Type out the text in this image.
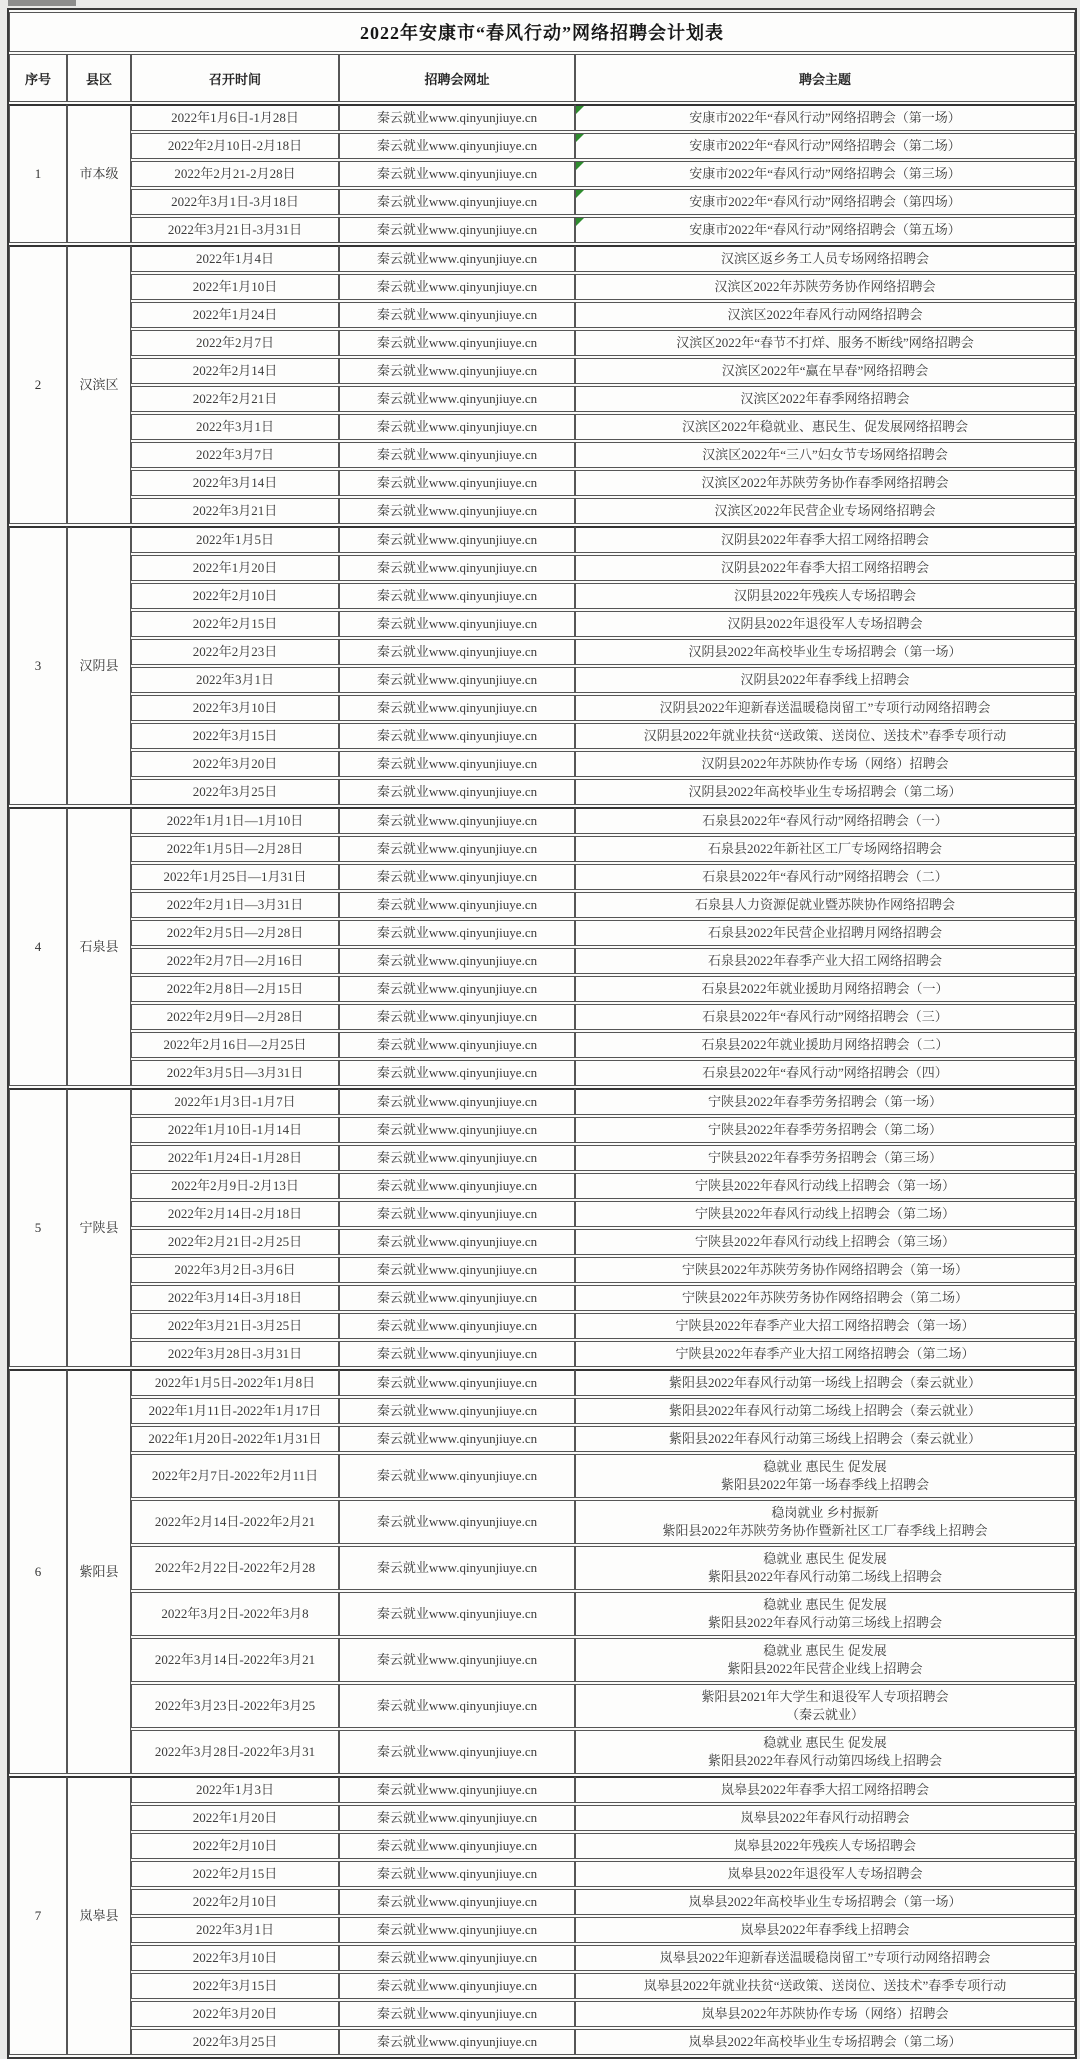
2022年安康市“春风行动”网络招聘会计划表				
序号	县区	召开时间	招聘会网址	聘会主题
1	市本级	2022年1月6日-1月28日	秦云就业www.qinyunjiuye.cn	安康市2022年“春风行动”网络招聘会（第一场）

		2022年2月10日-2月18日	秦云就业www.qinyunjiuye.cn	安康市2022年“春风行动”网络招聘会（第二场）

		2022年2月21-2月28日	秦云就业www.qinyunjiuye.cn	安康市2022年“春风行动”网络招聘会（第三场）

		2022年3月1日-3月18日	秦云就业www.qinyunjiuye.cn	安康市2022年“春风行动”网络招聘会（第四场）

		2022年3月21日-3月31日	秦云就业www.qinyunjiuye.cn	安康市2022年“春风行动”网络招聘会（第五场）

2	汉滨区	2022年1月4日	秦云就业www.qinyunjiuye.cn	汉滨区返乡务工人员专场网络招聘会

		2022年1月10日	秦云就业www.qinyunjiuye.cn	汉滨区2022年苏陕劳务协作网络招聘会

		2022年1月24日	秦云就业www.qinyunjiuye.cn	汉滨区2022年春风行动网络招聘会

		2022年2月7日	秦云就业www.qinyunjiuye.cn	汉滨区2022年“春节不打烊、服务不断线”网络招聘会

		2022年2月14日	秦云就业www.qinyunjiuye.cn	汉滨区2022年“赢在早春”网络招聘会

		2022年2月21日	秦云就业www.qinyunjiuye.cn	汉滨区2022年春季网络招聘会

		2022年3月1日	秦云就业www.qinyunjiuye.cn	汉滨区2022年稳就业、惠民生、促发展网络招聘会

		2022年3月7日	秦云就业www.qinyunjiuye.cn	汉滨区2022年“三八”妇女节专场网络招聘会

		2022年3月14日	秦云就业www.qinyunjiuye.cn	汉滨区2022年苏陕劳务协作春季网络招聘会

		2022年3月21日	秦云就业www.qinyunjiuye.cn	汉滨区2022年民营企业专场网络招聘会

3	汉阴县	2022年1月5日	秦云就业www.qinyunjiuye.cn	汉阴县2022年春季大招工网络招聘会

		2022年1月20日	秦云就业www.qinyunjiuye.cn	汉阴县2022年春季大招工网络招聘会

		2022年2月10日	秦云就业www.qinyunjiuye.cn	汉阴县2022年残疾人专场招聘会

		2022年2月15日	秦云就业www.qinyunjiuye.cn	汉阴县2022年退役军人专场招聘会

		2022年2月23日	秦云就业www.qinyunjiuye.cn	汉阴县2022年高校毕业生专场招聘会（第一场）

		2022年3月1日	秦云就业www.qinyunjiuye.cn	汉阴县2022年春季线上招聘会

		2022年3月10日	秦云就业www.qinyunjiuye.cn	汉阴县2022年迎新春送温暖稳岗留工”专项行动网络招聘会

		2022年3月15日	秦云就业www.qinyunjiuye.cn	汉阴县2022年就业扶贫“送政策、送岗位、送技术”春季专项行动

		2022年3月20日	秦云就业www.qinyunjiuye.cn	汉阴县2022年苏陕协作专场（网络）招聘会

		2022年3月25日	秦云就业www.qinyunjiuye.cn	汉阴县2022年高校毕业生专场招聘会（第二场）

4	石泉县	2022年1月1日—1月10日	秦云就业www.qinyunjiuye.cn	石泉县2022年“春风行动”网络招聘会（一）

		2022年1月5日—2月28日	秦云就业www.qinyunjiuye.cn	石泉县2022年新社区工厂专场网络招聘会

		2022年1月25日—1月31日	秦云就业www.qinyunjiuye.cn	石泉县2022年“春风行动”网络招聘会（二）

		2022年2月1日—3月31日	秦云就业www.qinyunjiuye.cn	石泉县人力资源促就业暨苏陕协作网络招聘会

		2022年2月5日—2月28日	秦云就业www.qinyunjiuye.cn	石泉县2022年民营企业招聘月网络招聘会

		2022年2月7日—2月16日	秦云就业www.qinyunjiuye.cn	石泉县2022年春季产业大招工网络招聘会

		2022年2月8日—2月15日	秦云就业www.qinyunjiuye.cn	石泉县2022年就业援助月网络招聘会（一）

		2022年2月9日—2月28日	秦云就业www.qinyunjiuye.cn	石泉县2022年“春风行动”网络招聘会（三）

		2022年2月16日—2月25日	秦云就业www.qinyunjiuye.cn	石泉县2022年就业援助月网络招聘会（二）

		2022年3月5日—3月31日	秦云就业www.qinyunjiuye.cn	石泉县2022年“春风行动”网络招聘会（四）

5	宁陕县	2022年1月3日-1月7日	秦云就业www.qinyunjiuye.cn	宁陕县2022年春季劳务招聘会（第一场）

		2022年1月10日-1月14日	秦云就业www.qinyunjiuye.cn	宁陕县2022年春季劳务招聘会（第二场）

		2022年1月24日-1月28日	秦云就业www.qinyunjiuye.cn	宁陕县2022年春季劳务招聘会（第三场）

		2022年2月9日-2月13日	秦云就业www.qinyunjiuye.cn	宁陕县2022年春风行动线上招聘会（第一场）

		2022年2月14日-2月18日	秦云就业www.qinyunjiuye.cn	宁陕县2022年春风行动线上招聘会（第二场）

		2022年2月21日-2月25日	秦云就业www.qinyunjiuye.cn	宁陕县2022年春风行动线上招聘会（第三场）

		2022年3月2日-3月6日	秦云就业www.qinyunjiuye.cn	宁陕县2022年苏陕劳务协作网络招聘会（第一场）

		2022年3月14日-3月18日	秦云就业www.qinyunjiuye.cn	宁陕县2022年苏陕劳务协作网络招聘会（第二场）

		2022年3月21日-3月25日	秦云就业www.qinyunjiuye.cn	宁陕县2022年春季产业大招工网络招聘会（第一场）

		2022年3月28日-3月31日	秦云就业www.qinyunjiuye.cn	宁陕县2022年春季产业大招工网络招聘会（第二场）

6	紫阳县	2022年1月5日-2022年1月8日	秦云就业www.qinyunjiuye.cn	紫阳县2022年春风行动第一场线上招聘会（秦云就业）

		2022年1月11日-2022年1月17日	秦云就业www.qinyunjiuye.cn	紫阳县2022年春风行动第二场线上招聘会（秦云就业）

		2022年1月20日-2022年1月31日	秦云就业www.qinyunjiuye.cn	紫阳县2022年春风行动第三场线上招聘会（秦云就业）

		2022年2月7日-2022年2月11日	秦云就业www.qinyunjiuye.cn	稳就业 惠民生 促发展
紫阳县2022年第一场春季线上招聘会

		2022年2月14日-2022年2月21	秦云就业www.qinyunjiuye.cn	稳岗就业 乡村振新
紫阳县2022年苏陕劳务协作暨新社区工厂春季线上招聘会

		2022年2月22日-2022年2月28	秦云就业www.qinyunjiuye.cn	稳就业 惠民生 促发展
紫阳县2022年春风行动第二场线上招聘会

		2022年3月2日-2022年3月8	秦云就业www.qinyunjiuye.cn	稳就业 惠民生 促发展
紫阳县2022年春风行动第三场线上招聘会

		2022年3月14日-2022年3月21	秦云就业www.qinyunjiuye.cn	稳就业 惠民生 促发展
紫阳县2022年民营企业线上招聘会

		2022年3月23日-2022年3月25	秦云就业www.qinyunjiuye.cn	紫阳县2021年大学生和退役军人专项招聘会
（秦云就业）

		2022年3月28日-2022年3月31	秦云就业www.qinyunjiuye.cn	稳就业 惠民生 促发展
紫阳县2022年春风行动第四场线上招聘会

7	岚皋县	2022年1月3日	秦云就业www.qinyunjiuye.cn	岚皋县2022年春季大招工网络招聘会

		2022年1月20日	秦云就业www.qinyunjiuye.cn	岚皋县2022年春风行动招聘会

		2022年2月10日	秦云就业www.qinyunjiuye.cn	岚皋县2022年残疾人专场招聘会

		2022年2月15日	秦云就业www.qinyunjiuye.cn	岚皋县2022年退役军人专场招聘会

		2022年2月10日	秦云就业www.qinyunjiuye.cn	岚皋县2022年高校毕业生专场招聘会（第一场）

		2022年3月1日	秦云就业www.qinyunjiuye.cn	岚皋县2022年春季线上招聘会

		2022年3月10日	秦云就业www.qinyunjiuye.cn	岚皋县2022年迎新春送温暖稳岗留工”专项行动网络招聘会

		2022年3月15日	秦云就业www.qinyunjiuye.cn	岚皋县2022年就业扶贫“送政策、送岗位、送技术”春季专项行动

		2022年3月20日	秦云就业www.qinyunjiuye.cn	岚皋县2022年苏陕协作专场（网络）招聘会

		2022年3月25日	秦云就业www.qinyunjiuye.cn	岚皋县2022年高校毕业生专场招聘会（第二场）
